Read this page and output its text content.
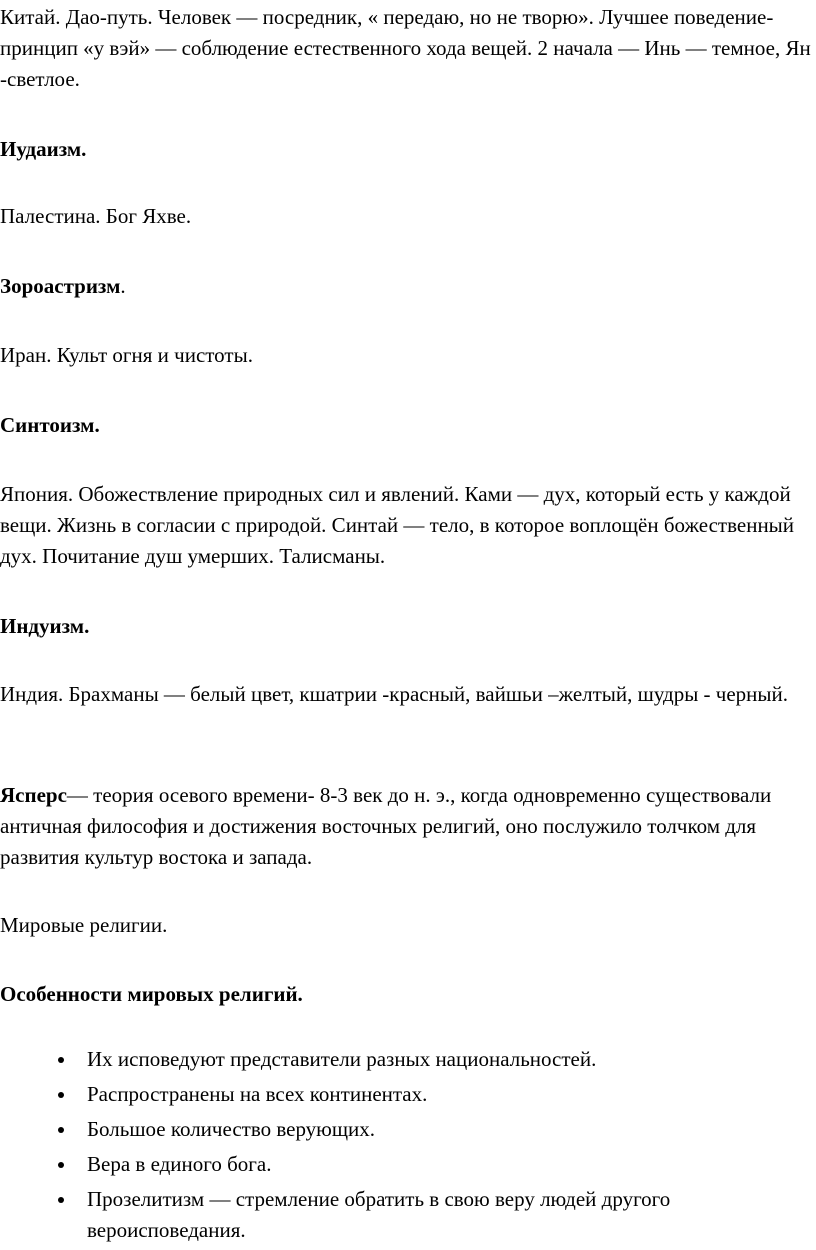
Китай. Дао-путь. Человек — посредник, « передаю, но не творю». Лучшее поведение- принцип «у вэй» — соблюдение естественного хода вещей. 2 начала — Инь — темное, Ян -светлое.

Иудаизм.

Палестина. Бог Яхве.

Зороастризм.

Иран. Культ огня и чистоты.

Синтоизм.

Япония. Обожествление природных сил и явлений. Ками — дух, который есть у каждой вещи. Жизнь в согласии с природой. Синтай — тело, в которое воплощён божественный дух. Почитание душ умерших. Талисманы.

Индуизм.

Индия. Брахманы — белый цвет, кшатрии -красный, вайшьи –желтый, шудры - черный.

Ясперс— теория осевого времени- 8-3 век до н. э., когда одновременно существовали античная философия и достижения восточных религий, оно послужило толчком для развития культур востока и запада.

Мировые религии.

Особенности мировых религий.

Их исповедуют представители разных национальностей.
Распространены на всех континентах.
Большое количество верующих.
Вера в единого бога.
Прозелитизм — стремление обратить в свою веру людей другого вероисповедания.
